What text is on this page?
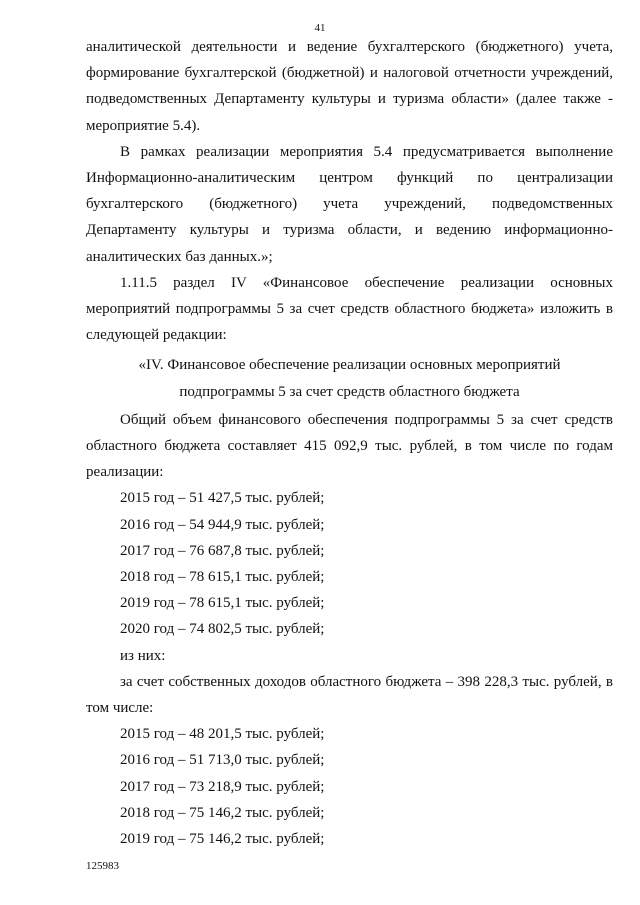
41

аналитической деятельности и ведение бухгалтерского (бюджетного) учета, формирование бухгалтерской (бюджетной) и налоговой отчетности учреждений, подведомственных Департаменту культуры и туризма области» (далее также - мероприятие 5.4).

В рамках реализации мероприятия 5.4 предусматривается выполнение Информационно-аналитическим центром функций по централизации бухгалтерского (бюджетного) учета учреждений, подведомственных Департаменту культуры и туризма области, и ведению информационно-аналитических баз данных.»;

1.11.5 раздел IV «Финансовое обеспечение реализации основных мероприятий подпрограммы 5 за счет средств областного бюджета» изложить в следующей редакции:

«IV. Финансовое обеспечение реализации основных мероприятий

подпрограммы 5 за счет средств областного бюджета

Общий объем финансового обеспечения подпрограммы 5 за счет средств областного бюджета составляет 415 092,9 тыс. рублей, в том числе по годам реализации:

2015 год – 51 427,5 тыс. рублей;

2016 год – 54 944,9 тыс. рублей;

2017 год – 76 687,8 тыс. рублей;

2018 год – 78 615,1 тыс. рублей;

2019 год – 78 615,1 тыс. рублей;

2020 год – 74 802,5 тыс. рублей;

из них:

за счет собственных доходов областного бюджета – 398 228,3 тыс. рублей, в том числе:

2015 год – 48 201,5 тыс. рублей;

2016 год – 51 713,0 тыс. рублей;

2017 год – 73 218,9 тыс. рублей;

2018 год – 75 146,2 тыс. рублей;

2019 год – 75 146,2 тыс. рублей;

125983
